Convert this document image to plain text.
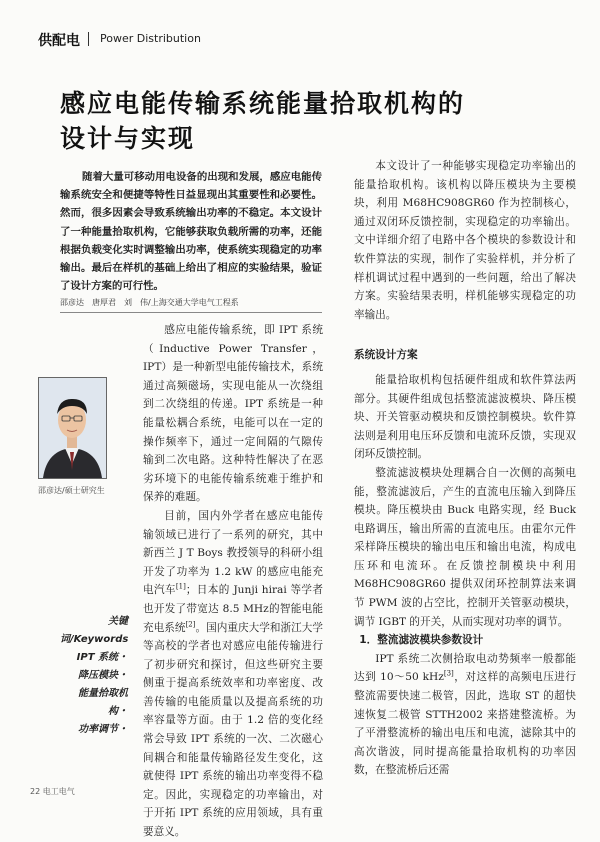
供配电 Power Distribution
感应电能传输系统能量拾取机构的
设计与实现
随着大量可移动用电设备的出现和发展，感应电能传输系统安全和便捷等特性日益显现出其重要性和必要性。然而，很多因素会导致系统输出功率的不稳定。本文设计了一种能量拾取机构，它能够获取负载所需的功率，还能根据负载变化实时调整输出功率，使系统实现稳定的功率输出。最后在样机的基础上给出了相应的实验结果，验证了设计方案的可行性。
邵彦达　唐厚君　刘　伟/上海交通大学电气工程系
邵彦达/硕士研究生
关键词/Keywords
IPT 系统・
降压模块・
能量拾取机构・
功率调节・

感应电能传输系统，即 IPT 系统（Inductive Power Transfer，IPT）是一种新型电能传输技术，系统通过高频磁场，实现电能从一次绕组到二次绕组的传递。IPT 系统是一种能量松耦合系统，电能可以在一定的操作频率下，通过一定间隔的气隙传输到二次电路。这种特性解决了在恶劣环境下的电能传输系统难于维护和保养的难题。

目前，国内外学者在感应电能传输领域已进行了一系列的研究，其中新西兰 J T Boys 教授领导的科研小组开发了功率为 1.2 kW 的感应电能充电汽车[1]；日本的 Junji hirai 等学者也开发了带宽达 8.5 MHz的智能电能充电系统[2]。国内重庆大学和浙江大学等高校的学者也对感应电能传输进行了初步研究和探讨，但这些研究主要侧重于提高系统效率和功率密度、改善传输的电能质量以及提高系统的功率容量等方面。由于 1.2 倍的变化经常会导致 IPT 系统的一次、二次磁心间耦合和能量传输路径发生变化，这就使得 IPT 系统的输出功率变得不稳定。因此，实现稳定的功率输出，对于开拓 IPT 系统的应用领域，具有重要意义。

本文设计了一种能够实现稳定功率输出的能量拾取机构。该机构以降压模块为主要模块，利用 M68HC908GR60 作为控制核心，通过双闭环反馈控制，实现稳定的功率输出。文中详细介绍了电路中各个模块的参数设计和软件算法的实现，制作了实验样机，并分析了样机调试过程中遇到的一些问题，给出了解决方案。实验结果表明，样机能够实现稳定的功率输出。

系统设计方案

能量拾取机构包括硬件组成和软件算法两部分。其硬件组成包括整流滤波模块、降压模块、开关管驱动模块和反馈控制模块。软件算法则是利用电压环反馈和电流环反馈，实现双闭环反馈控制。

整流滤波模块处理耦合自一次侧的高频电能，整流滤波后，产生的直流电压输入到降压模块。降压模块由 Buck 电路实现，经 Buck 电路调压，输出所需的直流电压。由霍尔元件采样降压模块的输出电压和输出电流，构成电压环和电流环。在反馈控制模块中利用 M68HC908GR60 提供双闭环控制算法来调节 PWM 波的占空比，控制开关管驱动模块，调节 IGBT 的开关，从而实现对功率的调节。

1．整流滤波模块参数设计

IPT 系统二次侧拾取电动势频率一般都能达到 10～50 kHz[3]，对这样的高频电压进行整流需要快速二极管，因此，选取 ST 的超快速恢复二极管 STTH2002 来搭建整流桥。为了平滑整流桥的输出电压和电流，滤除其中的高次谐波，同时提高能量拾取机构的功率因数，在整流桥后还需

22 电工电气
